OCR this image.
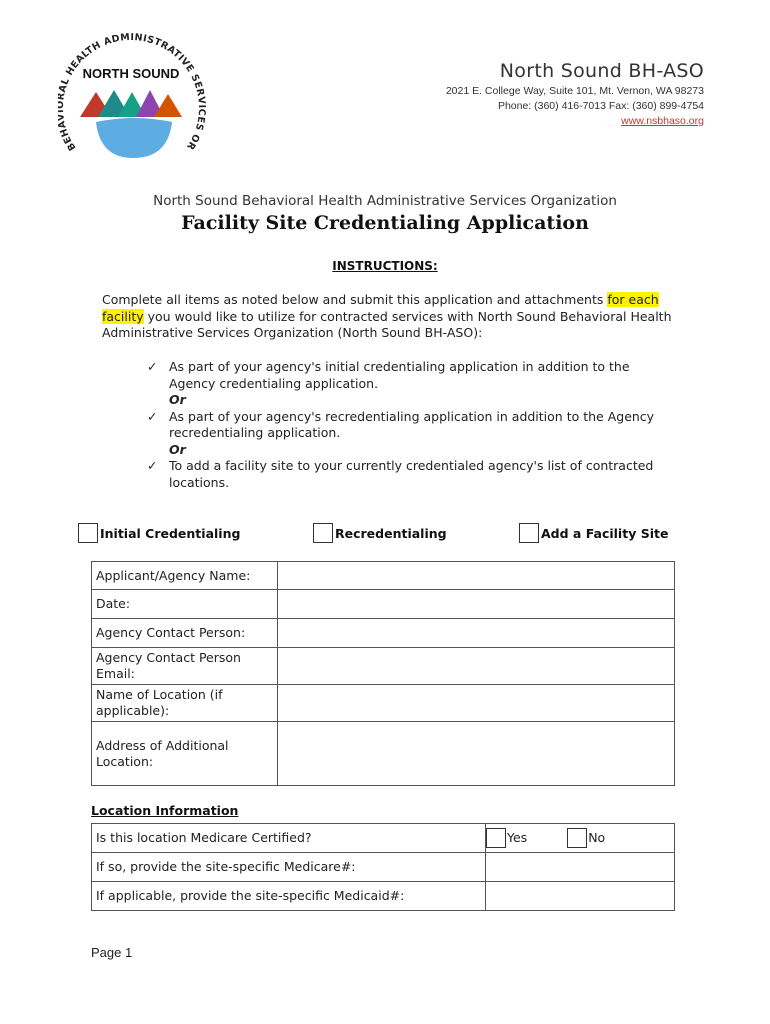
BEH AL HEALTH ADMINISTRATIVE SERVICES OR
NORTH SOUND	North Sound BH-ASO
2021 E. College Way, Suite 101, Mt. Vernon, WA 98273
Phone: (360) 416-7013 Fax: (360) 899-4754
www.nsbhaso.org
North Sound Behavioral Health Administrative Services Organization
Facility Site Credentialing Application
INSTRUCTIONS:
Complete all items as noted below and submit this application and attachments for each facility you would like to utilize for contracted services with North Sound Behavioral Health Administrative Services Organization (North Sound BH-ASO):
✓ As part of your agency's initial credentialing application in addition to the Agency credentialing application.
Or
✓ As part of your agency's recredentialing application in addition to the Agency recredentialing application.
Or
✓ To add a facility site to your currently credentialed agency's list of contracted locations.
Initial Credentialing	Recredentialing	Add a Facility Site
Applicant/Agency Name:	
Date:	
Agency Contact Person:	
Agency Contact Person Email:	
Name of Location (if applicable):	
Address of Additional Location:	
Location Information
Is this location Medicare Certified?	Yes No

If so, provide the site-specific Medicare#:	
If applicable, provide the site-specific Medicaid#:	
Page 1
